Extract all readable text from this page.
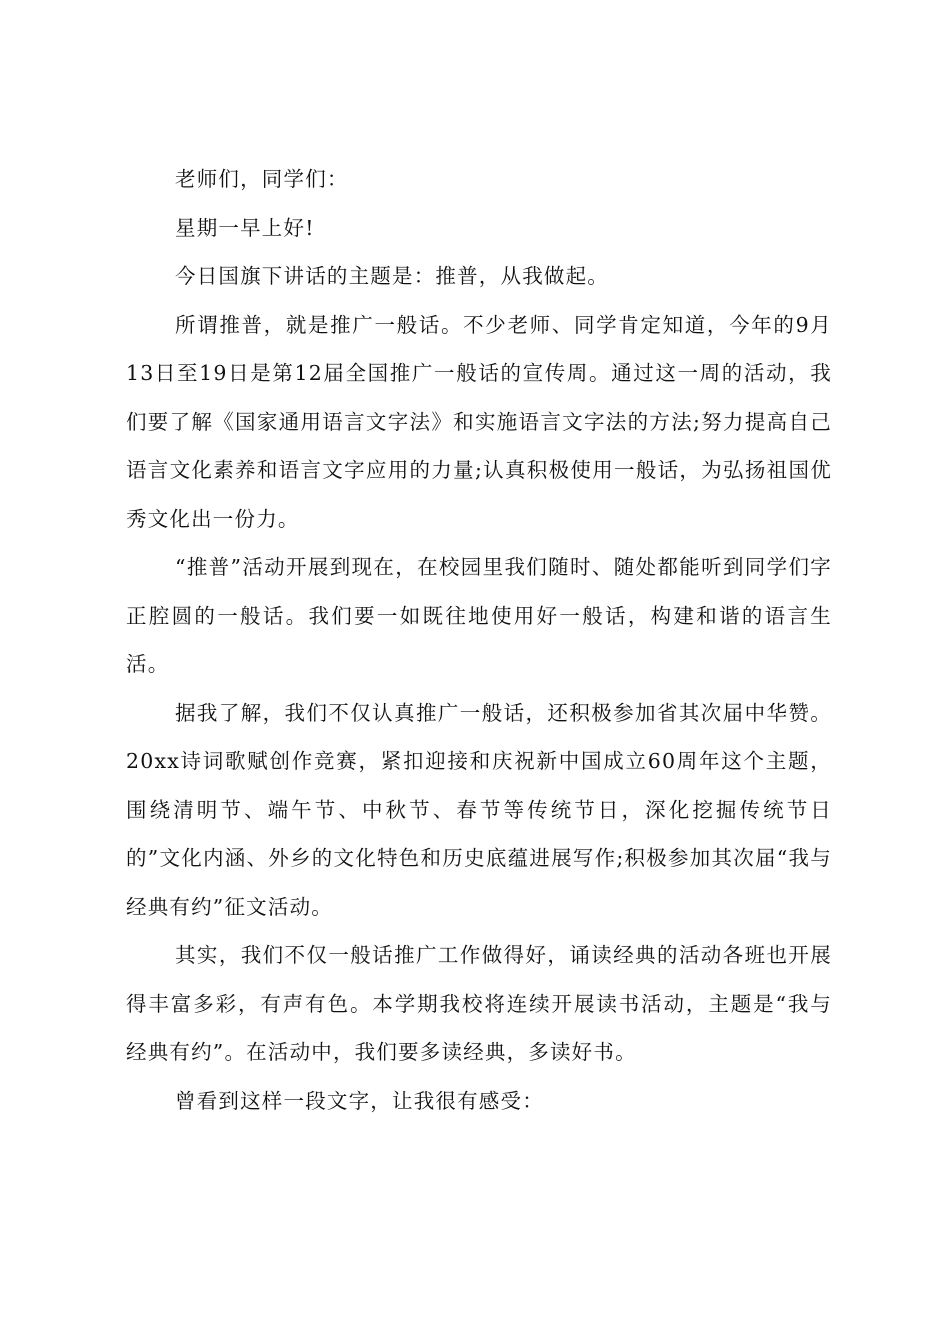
老师们，同学们：

星期一早上好!

今日国旗下讲话的主题是：推普，从我做起。

所谓推普，就是推广一般话。不少老师、同学肯定知道，今年的9月13日至19日是第12届全国推广一般话的宣传周。通过这一周的活动，我们要了解《国家通用语言文字法》和实施语言文字法的方法;努力提高自己语言文化素养和语言文字应用的力量;认真积极使用一般话，为弘扬祖国优秀文化出一份力。

“推普”活动开展到现在，在校园里我们随时、随处都能听到同学们字正腔圆的一般话。我们要一如既往地使用好一般话，构建和谐的语言生活。

据我了解，我们不仅认真推广一般话，还积极参加省其次届中华赞。20xx诗词歌赋创作竞赛，紧扣迎接和庆祝新中国成立60周年这个主题，围绕清明节、端午节、中秋节、春节等传统节日，深化挖掘传统节日的”文化内涵、外乡的文化特色和历史底蕴进展写作;积极参加其次届“我与经典有约”征文活动。

其实，我们不仅一般话推广工作做得好，诵读经典的活动各班也开展得丰富多彩，有声有色。本学期我校将连续开展读书活动，主题是“我与经典有约”。在活动中，我们要多读经典，多读好书。

曾看到这样一段文字，让我很有感受：
